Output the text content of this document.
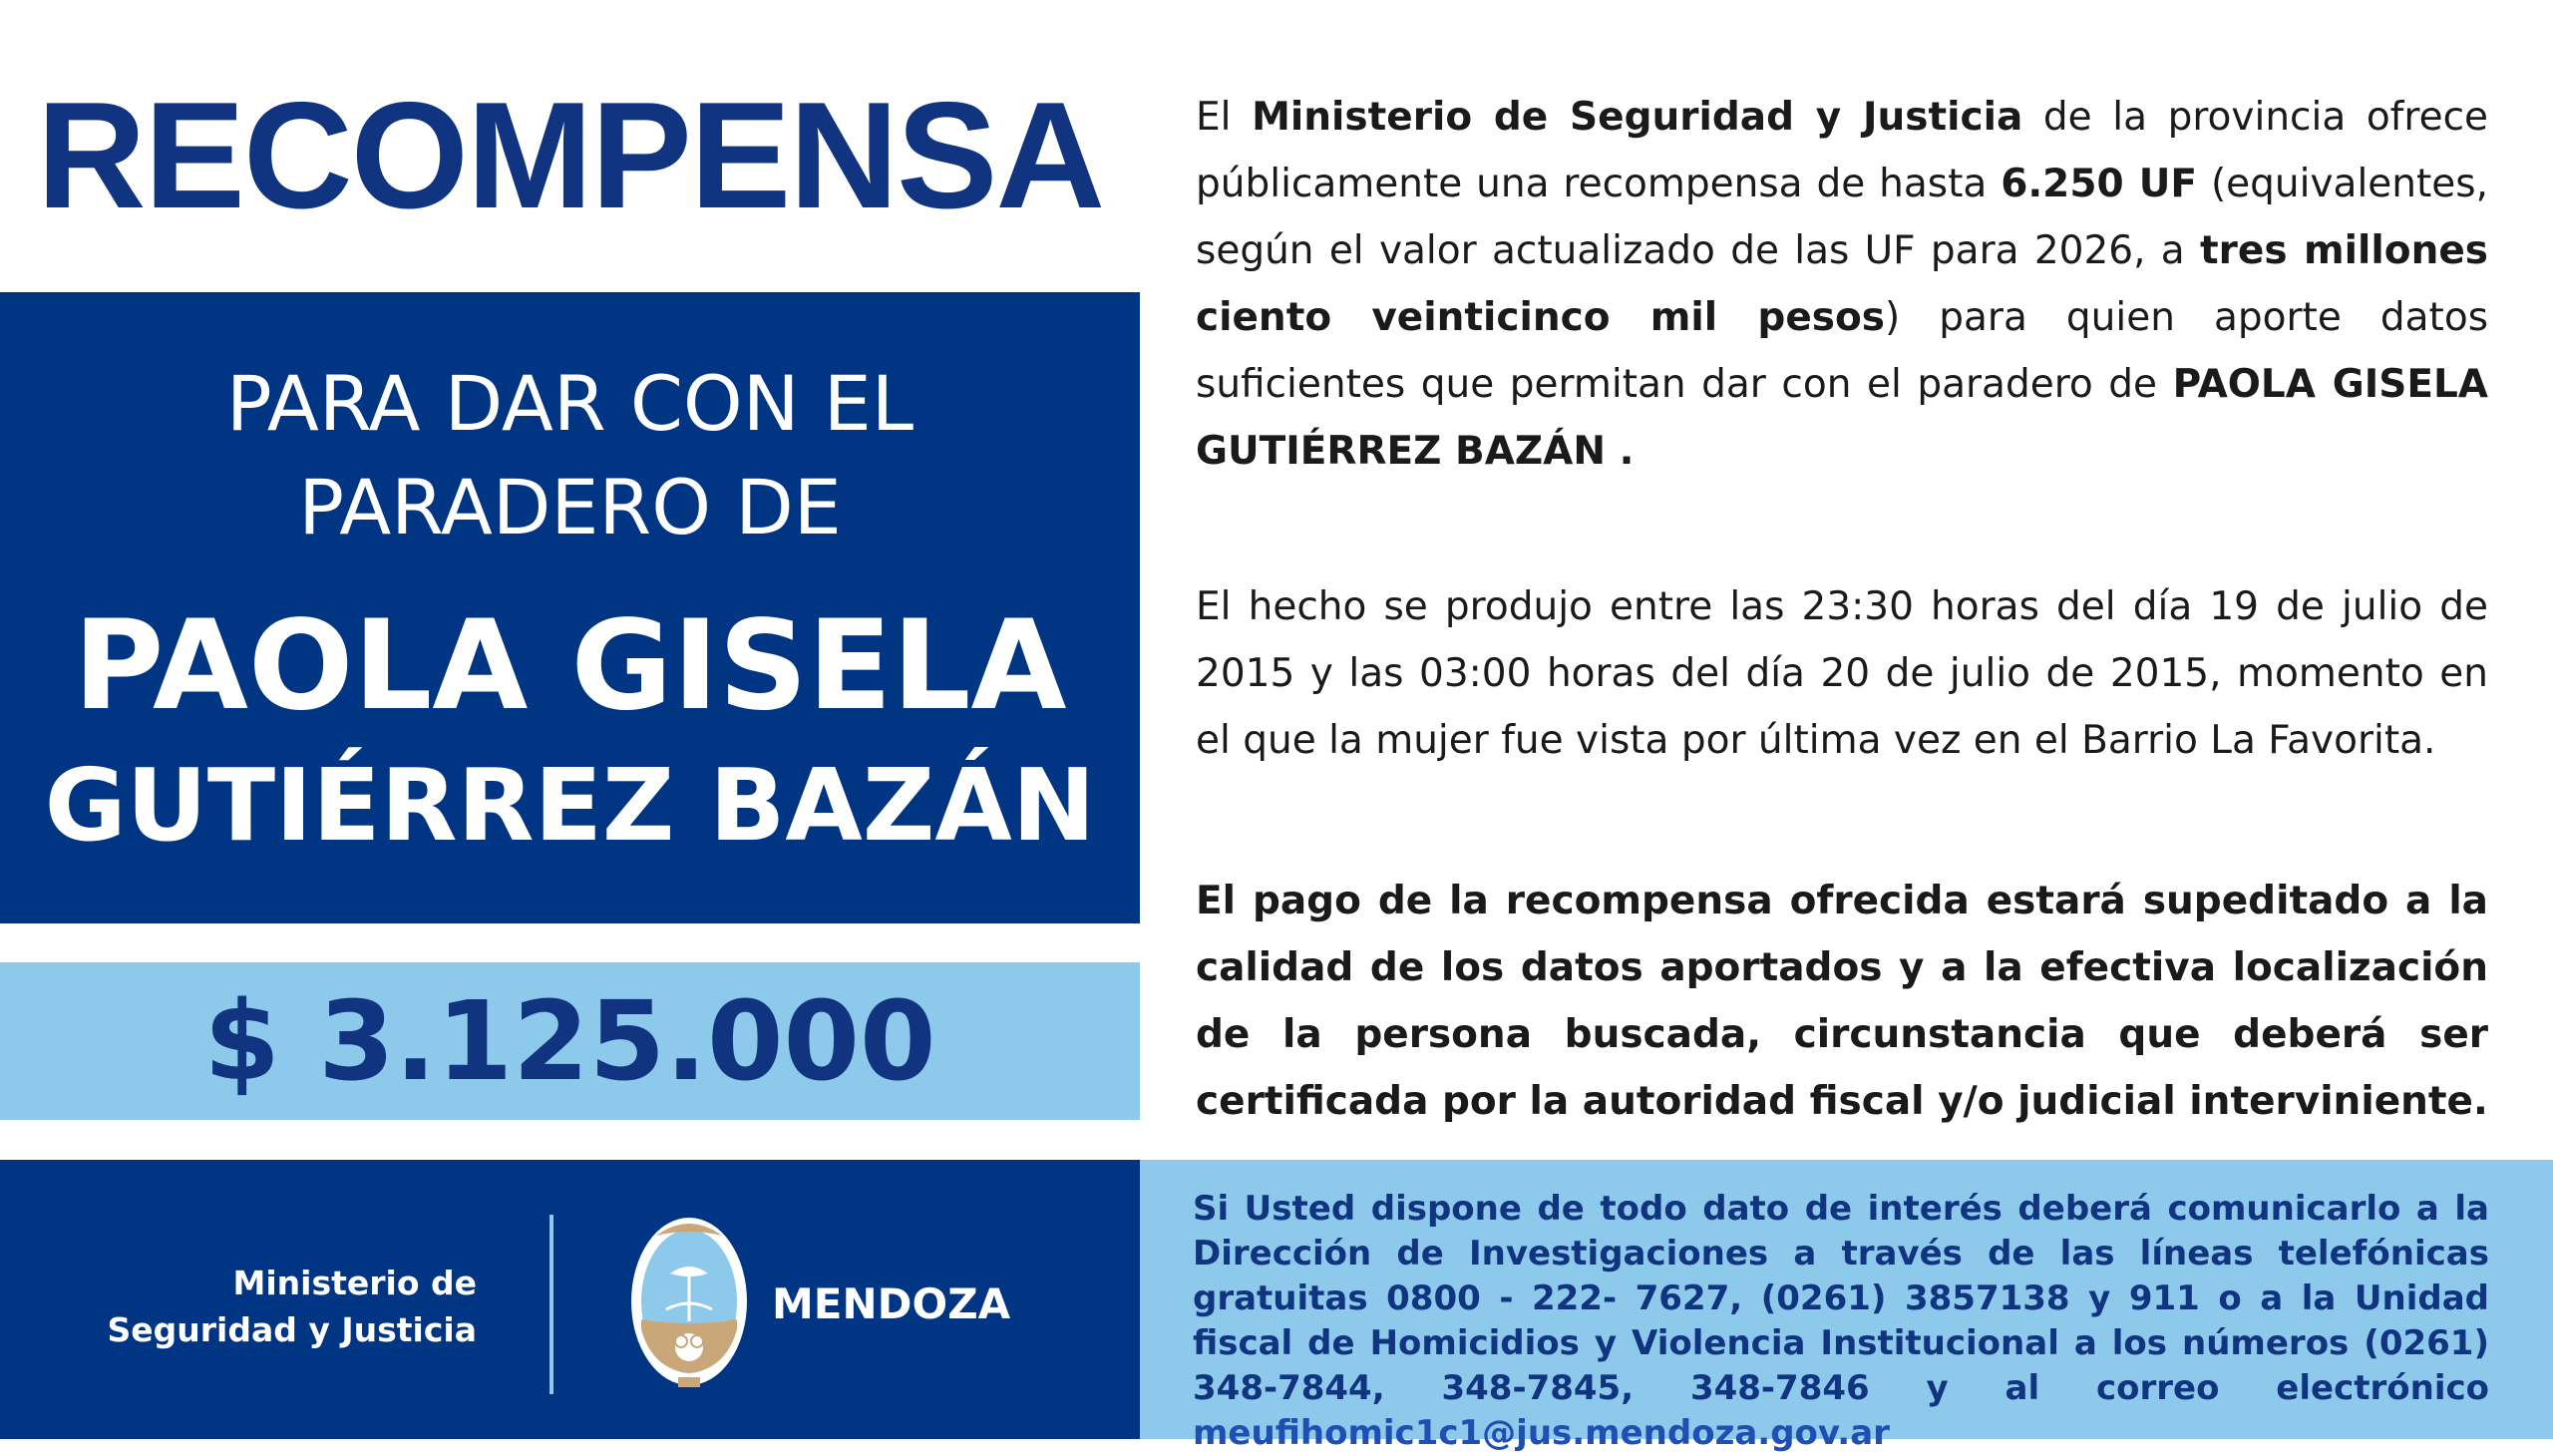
RECOMPENSA
PARA DAR CON EL
PARADERO DE
PAOLA GISELA
GUTIÉRREZ BAZÁN
$ 3.125.000
El Ministerio de Seguridad y Justicia de la provincia ofrece públicamente una recompensa de hasta 6.250 UF (equivalentes, según el valor actualizado de las UF para 2026, a tres millones ciento veinticinco mil pesos) para quien aporte datos suficientes que permitan dar con el paradero de PAOLA GISELA GUTIÉRREZ BAZÁN .
El hecho se produjo entre las 23:30 horas del día 19 de julio de 2015 y las 03:00 horas del día 20 de julio de 2015, momento en el que la mujer fue vista por última vez en el Barrio La Favorita.
El pago de la recompensa ofrecida estará supeditado a la calidad de los datos aportados y a la efectiva localización de la persona buscada, circunstancia que deberá ser certificada por la autoridad fiscal y/o judicial interviniente.
Ministerio de
Seguridad y Justicia
MENDOZA
Si Usted dispone de todo dato de interés deberá comunicarlo a la Dirección de Investigaciones a través de las líneas telefónicas gratuitas 0800 - 222- 7627, (0261) 3857138 y 911 o a la Unidad fiscal de Homicidios y Violencia Institucional a los números (0261) 348-7844, 348-7845, 348-7846 y al correo electrónico meufihomic1c1@jus.mendoza.gov.ar
